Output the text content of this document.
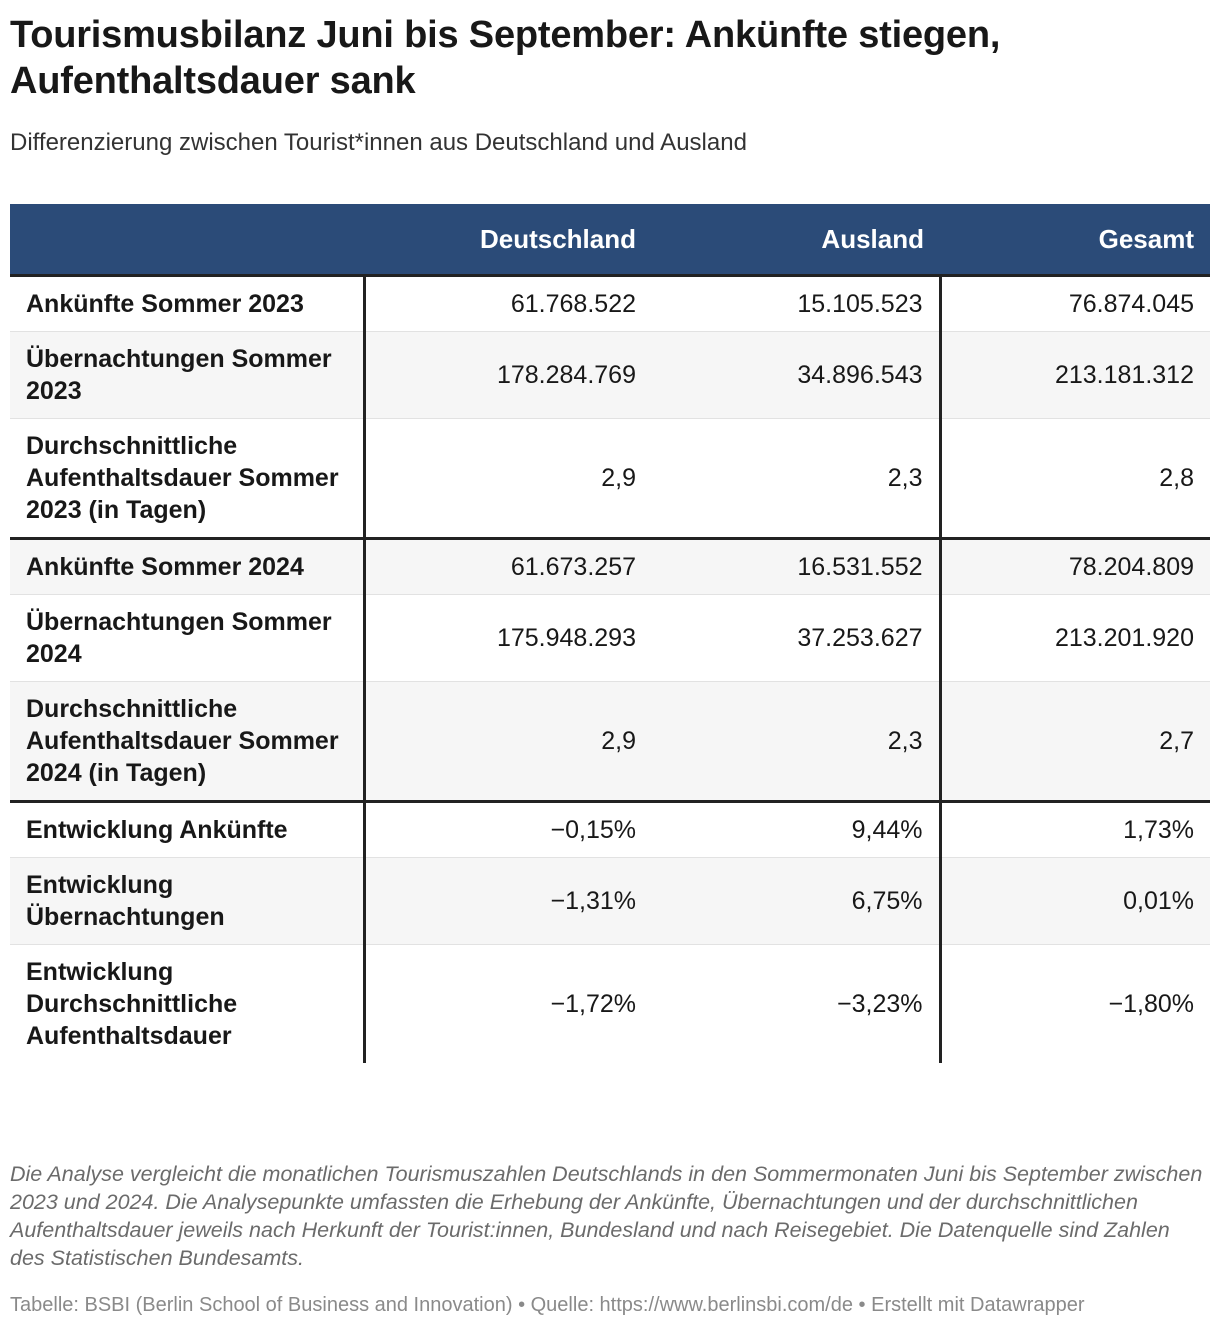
Tourismusbilanz Juni bis September: Ankünfte stiegen, Aufenthaltsdauer sank

Differenzierung zwischen Tourist*innen aus Deutschland und Ausland

	Deutschland	Ausland	Gesamt
Ankünfte Sommer 2023	61.768.522	15.105.523	76.874.045
Übernachtungen Sommer 2023	178.284.769	34.896.543	213.181.312
Durchschnittliche Aufenthaltsdauer Sommer 2023 (in Tagen)	2,9	2,3	2,8
Ankünfte Sommer 2024	61.673.257	16.531.552	78.204.809
Übernachtungen Sommer 2024	175.948.293	37.253.627	213.201.920
Durchschnittliche Aufenthaltsdauer Sommer 2024 (in Tagen)	2,9	2,3	2,7
Entwicklung Ankünfte	−0,15%	9,44%	1,73%
Entwicklung Übernachtungen	−1,31%	6,75%	0,01%
Entwicklung Durchschnittliche Aufenthaltsdauer	−1,72%	−3,23%	−1,80%

Die Analyse vergleicht die monatlichen Tourismuszahlen Deutschlands in den Sommermonaten Juni bis September zwischen 2023 und 2024. Die Analysepunkte umfassten die Erhebung der Ankünfte, Übernachtungen und der durchschnittlichen Aufenthaltsdauer jeweils nach Herkunft der Tourist:innen, Bundesland und nach Reisegebiet. Die Datenquelle sind Zahlen des Statistischen Bundesamts.

Tabelle: BSBI (Berlin School of Business and Innovation) • Quelle: https://www.berlinsbi.com/de • Erstellt mit Datawrapper
